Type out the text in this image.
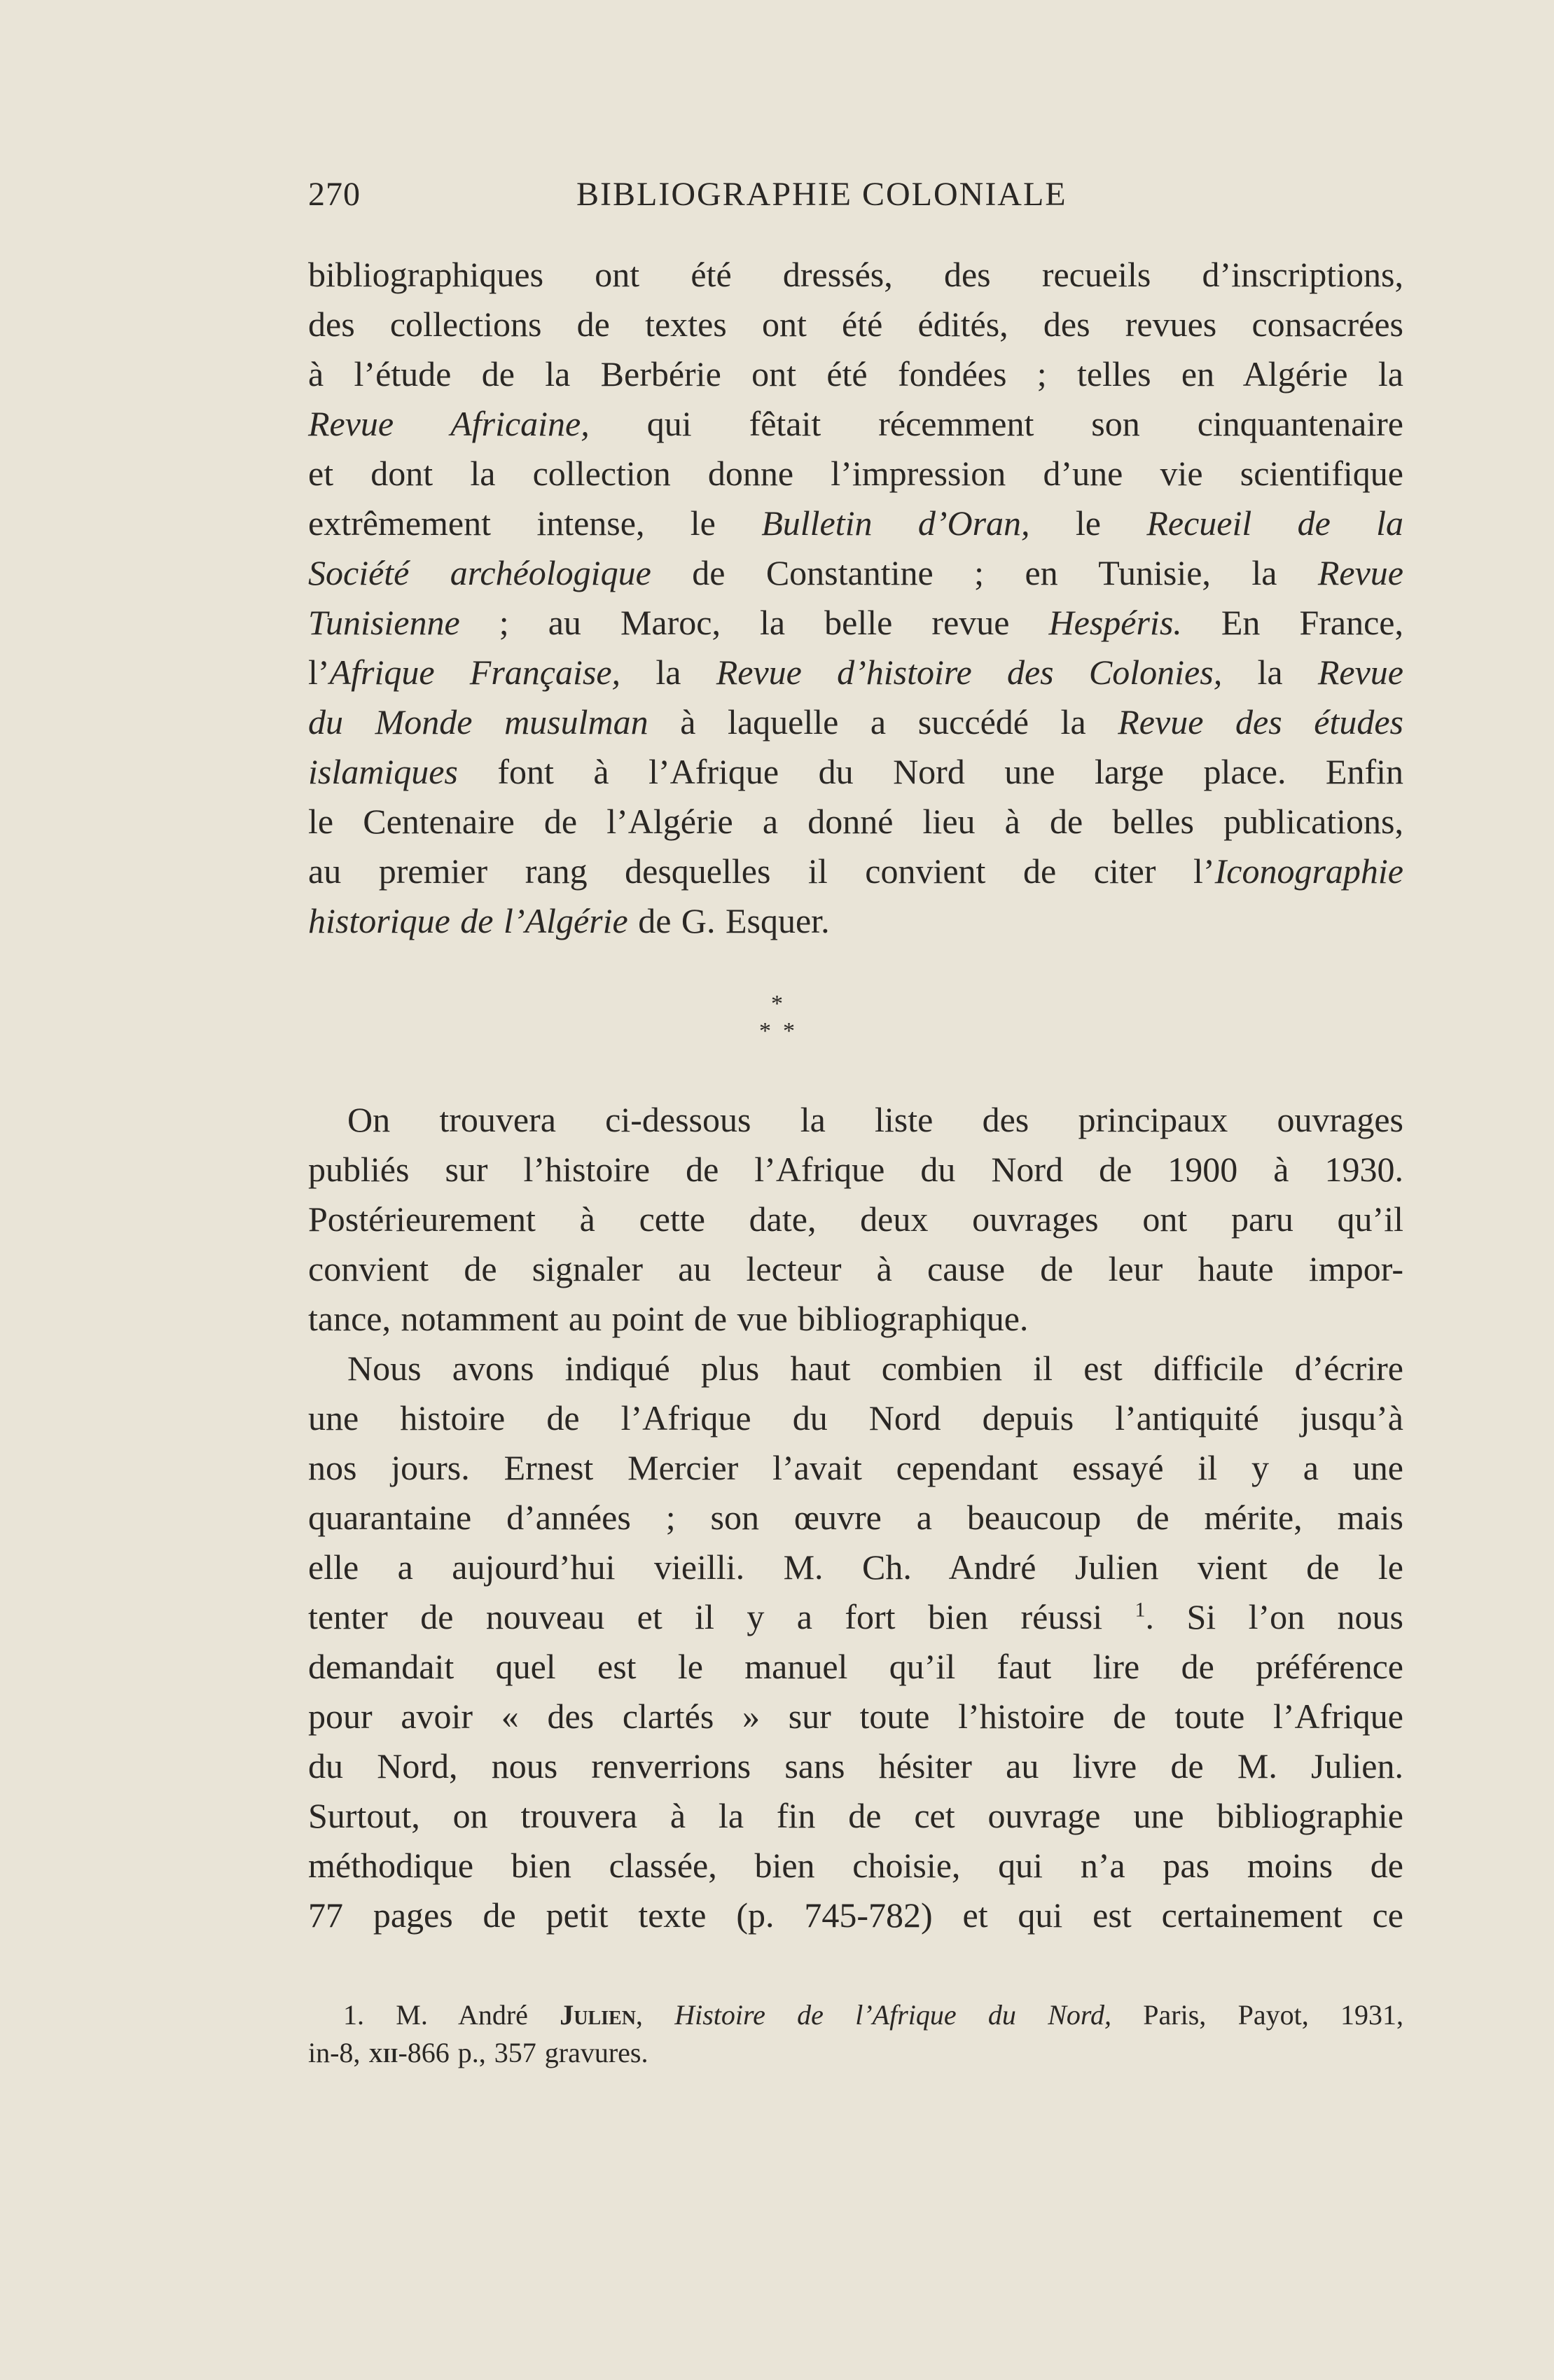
270	BIBLIOGRAPHIE COLONIALE
bibliographiques ont été dressés, des recueils d’inscriptions,
des collections de textes ont été édités, des revues consacrées
à l’étude de la Berbérie ont été fondées ; telles en Algérie la
Revue Africaine, qui fêtait récemment son cinquantenaire
et dont la collection donne l’impression d’une vie scientifique
extrêmement intense, le Bulletin d’Oran, le Recueil de la
Société archéologique de Constantine ; en Tunisie, la Revue
Tunisienne ; au Maroc, la belle revue Hespéris. En France,
l’Afrique Française, la Revue d’histoire des Colonies, la Revue
du Monde musulman à laquelle a succédé la Revue des études
islamiques font à l’Afrique du Nord une large place. Enfin
le Centenaire de l’Algérie a donné lieu à de belles publications,
au premier rang desquelles il convient de citer l’Iconographie
historique de l’Algérie de G. Esquer.
*
*  *
On trouvera ci-dessous la liste des principaux ouvrages
publiés sur l’histoire de l’Afrique du Nord de 1900 à 1930.
Postérieurement à cette date, deux ouvrages ont paru qu’il
convient de signaler au lecteur à cause de leur haute impor-
tance, notamment au point de vue bibliographique.
Nous avons indiqué plus haut combien il est difficile d’écrire
une histoire de l’Afrique du Nord depuis l’antiquité jusqu’à
nos jours. Ernest Mercier l’avait cependant essayé il y a une
quarantaine d’années ; son œuvre a beaucoup de mérite, mais
elle a aujourd’hui vieilli. M. Ch. André Julien vient de le
tenter de nouveau et il y a fort bien réussi $^1$. Si l’on nous
demandait quel est le manuel qu’il faut lire de préférence
pour avoir « des clartés » sur toute l’histoire de toute l’Afrique
du Nord, nous renverrions sans hésiter au livre de M. Julien.
Surtout, on trouvera à la fin de cet ouvrage une bibliographie
méthodique bien classée, bien choisie, qui n’a pas moins de
77 pages de petit texte (p. 745-782) et qui est certainement ce
1. M. André Julien, Histoire de l’Afrique du Nord, Paris, Payot, 1931,
in-8, xii-866 p., 357 gravures.
